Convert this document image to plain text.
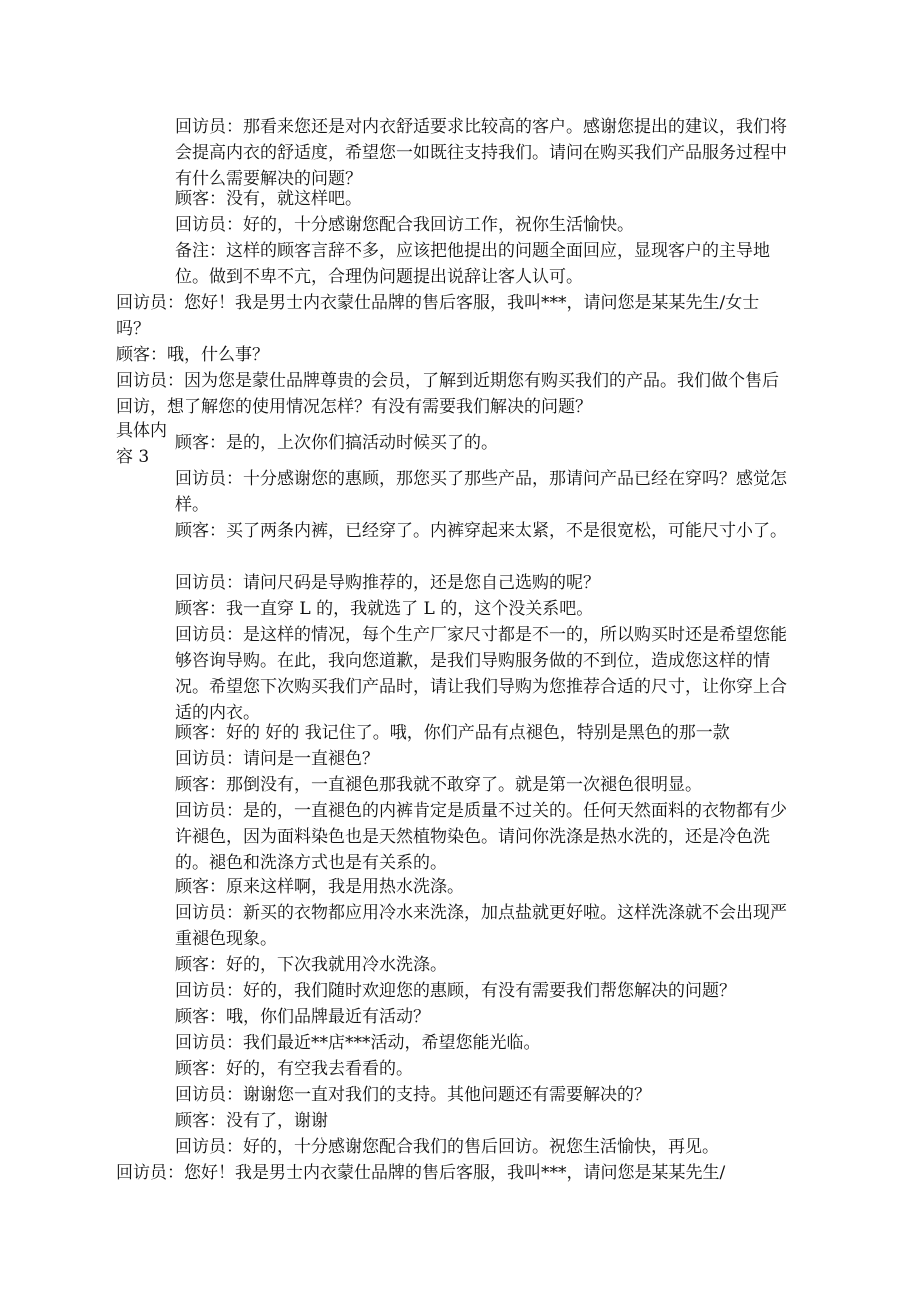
回访员：那看来您还是对内衣舒适要求比较高的客户。感谢您提出的建议，我们将会提高内衣的舒适度，希望您一如既往支持我们。请问在购买我们产品服务过程中有什么需要解决的问题？

顾客：没有，就这样吧。

回访员：好的，十分感谢您配合我回访工作，祝你生活愉快。

备注：这样的顾客言辞不多，应该把他提出的问题全面回应，显现客户的主导地位。做到不卑不亢，合理伪问题提出说辞让客人认可。

回访员：您好！我是男士内衣蒙仕品牌的售后客服，我叫***，请问您是某某先生/女士吗？

顾客：哦，什么事？

回访员：因为您是蒙仕品牌尊贵的会员，了解到近期您有购买我们的产品。我们做个售后回访，想了解您的使用情况怎样？有没有需要我们解决的问题？

具体内容 3
顾客：是的，上次你们搞活动时候买了的。
回访员：十分感谢您的惠顾，那您买了那些产品，那请问产品已经在穿吗？感觉怎样。
顾客：买了两条内裤，已经穿了。内裤穿起来太紧，不是很宽松，可能尺寸小了。
回访员：请问尺码是导购推荐的，还是您自己选购的呢？
顾客：我一直穿 L 的，我就选了 L 的，这个没关系吧。
回访员：是这样的情况，每个生产厂家尺寸都是不一的，所以购买时还是希望您能够咨询导购。在此，我向您道歉，是我们导购服务做的不到位，造成您这样的情况。希望您下次购买我们产品时，请让我们导购为您推荐合适的尺寸，让你穿上合适的内衣。
顾客：好的 好的 我记住了。哦，你们产品有点褪色，特别是黑色的那一款
回访员：请问是一直褪色？
顾客：那倒没有，一直褪色那我就不敢穿了。就是第一次褪色很明显。
回访员：是的，一直褪色的内裤肯定是质量不过关的。任何天然面料的衣物都有少许褪色，因为面料染色也是天然植物染色。请问你洗涤是热水洗的，还是冷色洗的。褪色和洗涤方式也是有关系的。
顾客：原来这样啊，我是用热水洗涤。
回访员：新买的衣物都应用冷水来洗涤，加点盐就更好啦。这样洗涤就不会出现严重褪色现象。
顾客：好的，下次我就用冷水洗涤。
回访员：好的，我们随时欢迎您的惠顾，有没有需要我们帮您解决的问题？
顾客：哦，你们品牌最近有活动？
回访员：我们最近**店***活动，希望您能光临。
顾客：好的，有空我去看看的。
回访员：谢谢您一直对我们的支持。其他问题还有需要解决的？
顾客：没有了，谢谢
回访员：好的，十分感谢您配合我们的售后回访。祝您生活愉快，再见。
回访员：您好！我是男士内衣蒙仕品牌的售后客服，我叫***，请问您是某某先生/
